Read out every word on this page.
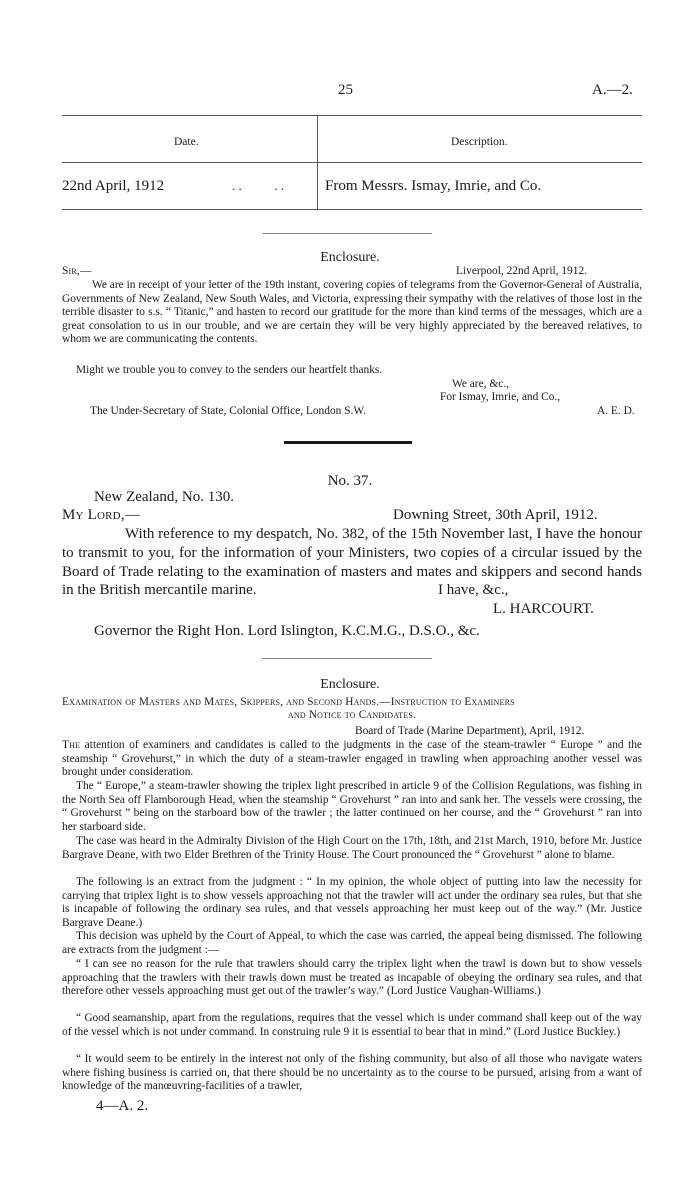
25	A.—2.
Date.	Description.
22nd April, 1912	. .          . .	From Messrs. Ismay, Imrie, and Co.
Enclosure.
Sir,—	Liverpool, 22nd April, 1912.

We are in receipt of your letter of the 19th instant, covering copies of telegrams from the Governor-General of Australia, Governments of New Zealand, New South Wales, and Victoria, expressing their sympathy with the relatives of those lost in the terrible disaster to s.s. “ Titanic,” and hasten to record our gratitude for the more than kind terms of the messages, which are a great consolation to us in our trouble, and we are certain they will be very highly appreciated by the bereaved relatives, to whom we are communicating the contents.

Might we trouble you to convey to the senders our heartfelt thanks.
We are, &c.,
For Ismay, Imrie, and Co.,
The Under-Secretary of State, Colonial Office, London S.W.	A. E. D.
No. 37.
New Zealand, No. 130.
My Lord,—	Downing Street, 30th April, 1912.

With reference to my despatch, No. 382, of the 15th November last, I have the honour to transmit to you, for the information of your Ministers, two copies of a circular issued by the Board of Trade relating to the examination of masters and mates and skippers and second hands in the British mercantile marine.	I have, &c.,
L. HARCOURT.
Governor the Right Hon. Lord Islington, K.C.M.G., D.S.O., &c.
Enclosure.
Examination of Masters and Mates, Skippers, and Second Hands.—Instruction to Examiners
and Notice to Candidates.
Board of Trade (Marine Department), April, 1912.

The attention of examiners and candidates is called to the judgments in the case of the steam-trawler “ Europe ” and the steamship “ Grovehurst,” in which the duty of a steam-trawler engaged in trawling when approaching another vessel was brought under consideration.

The “ Europe,” a steam-trawler showing the triplex light prescribed in article 9 of the Collision Regulations, was fishing in the North Sea off Flamborough Head, when the steamship “ Grovehurst ” ran into and sank her. The vessels were crossing, the “ Grovehurst ” being on the starboard bow of the trawler ; the latter continued on her course, and the “ Grovehurst ” ran into her starboard side.

The case was heard in the Admiralty Division of the High Court on the 17th, 18th, and 21st March, 1910, before Mr. Justice Bargrave Deane, with two Elder Brethren of the Trinity House. The Court pronounced the “ Grovehurst ” alone to blame.

The following is an extract from the judgment : “ In my opinion, the whole object of putting into law the necessity for carrying that triplex light is to show vessels approaching not that the trawler will act under the ordinary sea rules, but that she is incapable of following the ordinary sea rules, and that vessels approaching her must keep out of the way.” (Mr. Justice Bargrave Deane.)

This decision was upheld by the Court of Appeal, to which the case was carried, the appeal being dismissed. The following are extracts from the judgment :—

“ I can see no reason for the rule that trawlers should carry the triplex light when the trawl is down but to show vessels approaching that the trawlers with their trawls down must be treated as incapable of obeying the ordinary sea rules, and that therefore other vessels approaching must get out of the trawler’s way.” (Lord Justice Vaughan-Williams.)

“ Good seamanship, apart from the regulations, requires that the vessel which is under command shall keep out of the way of the vessel which is not under command. In construing rule 9 it is essential to bear that in mind.” (Lord Justice Buckley.)

“ It would seem to be entirely in the interest not only of the fishing community, but also of all those who navigate waters where fishing business is carried on, that there should be no uncertainty as to the course to be pursued, arising from a want of knowledge of the manœuvring-facilities of a trawler,

4—A. 2.
